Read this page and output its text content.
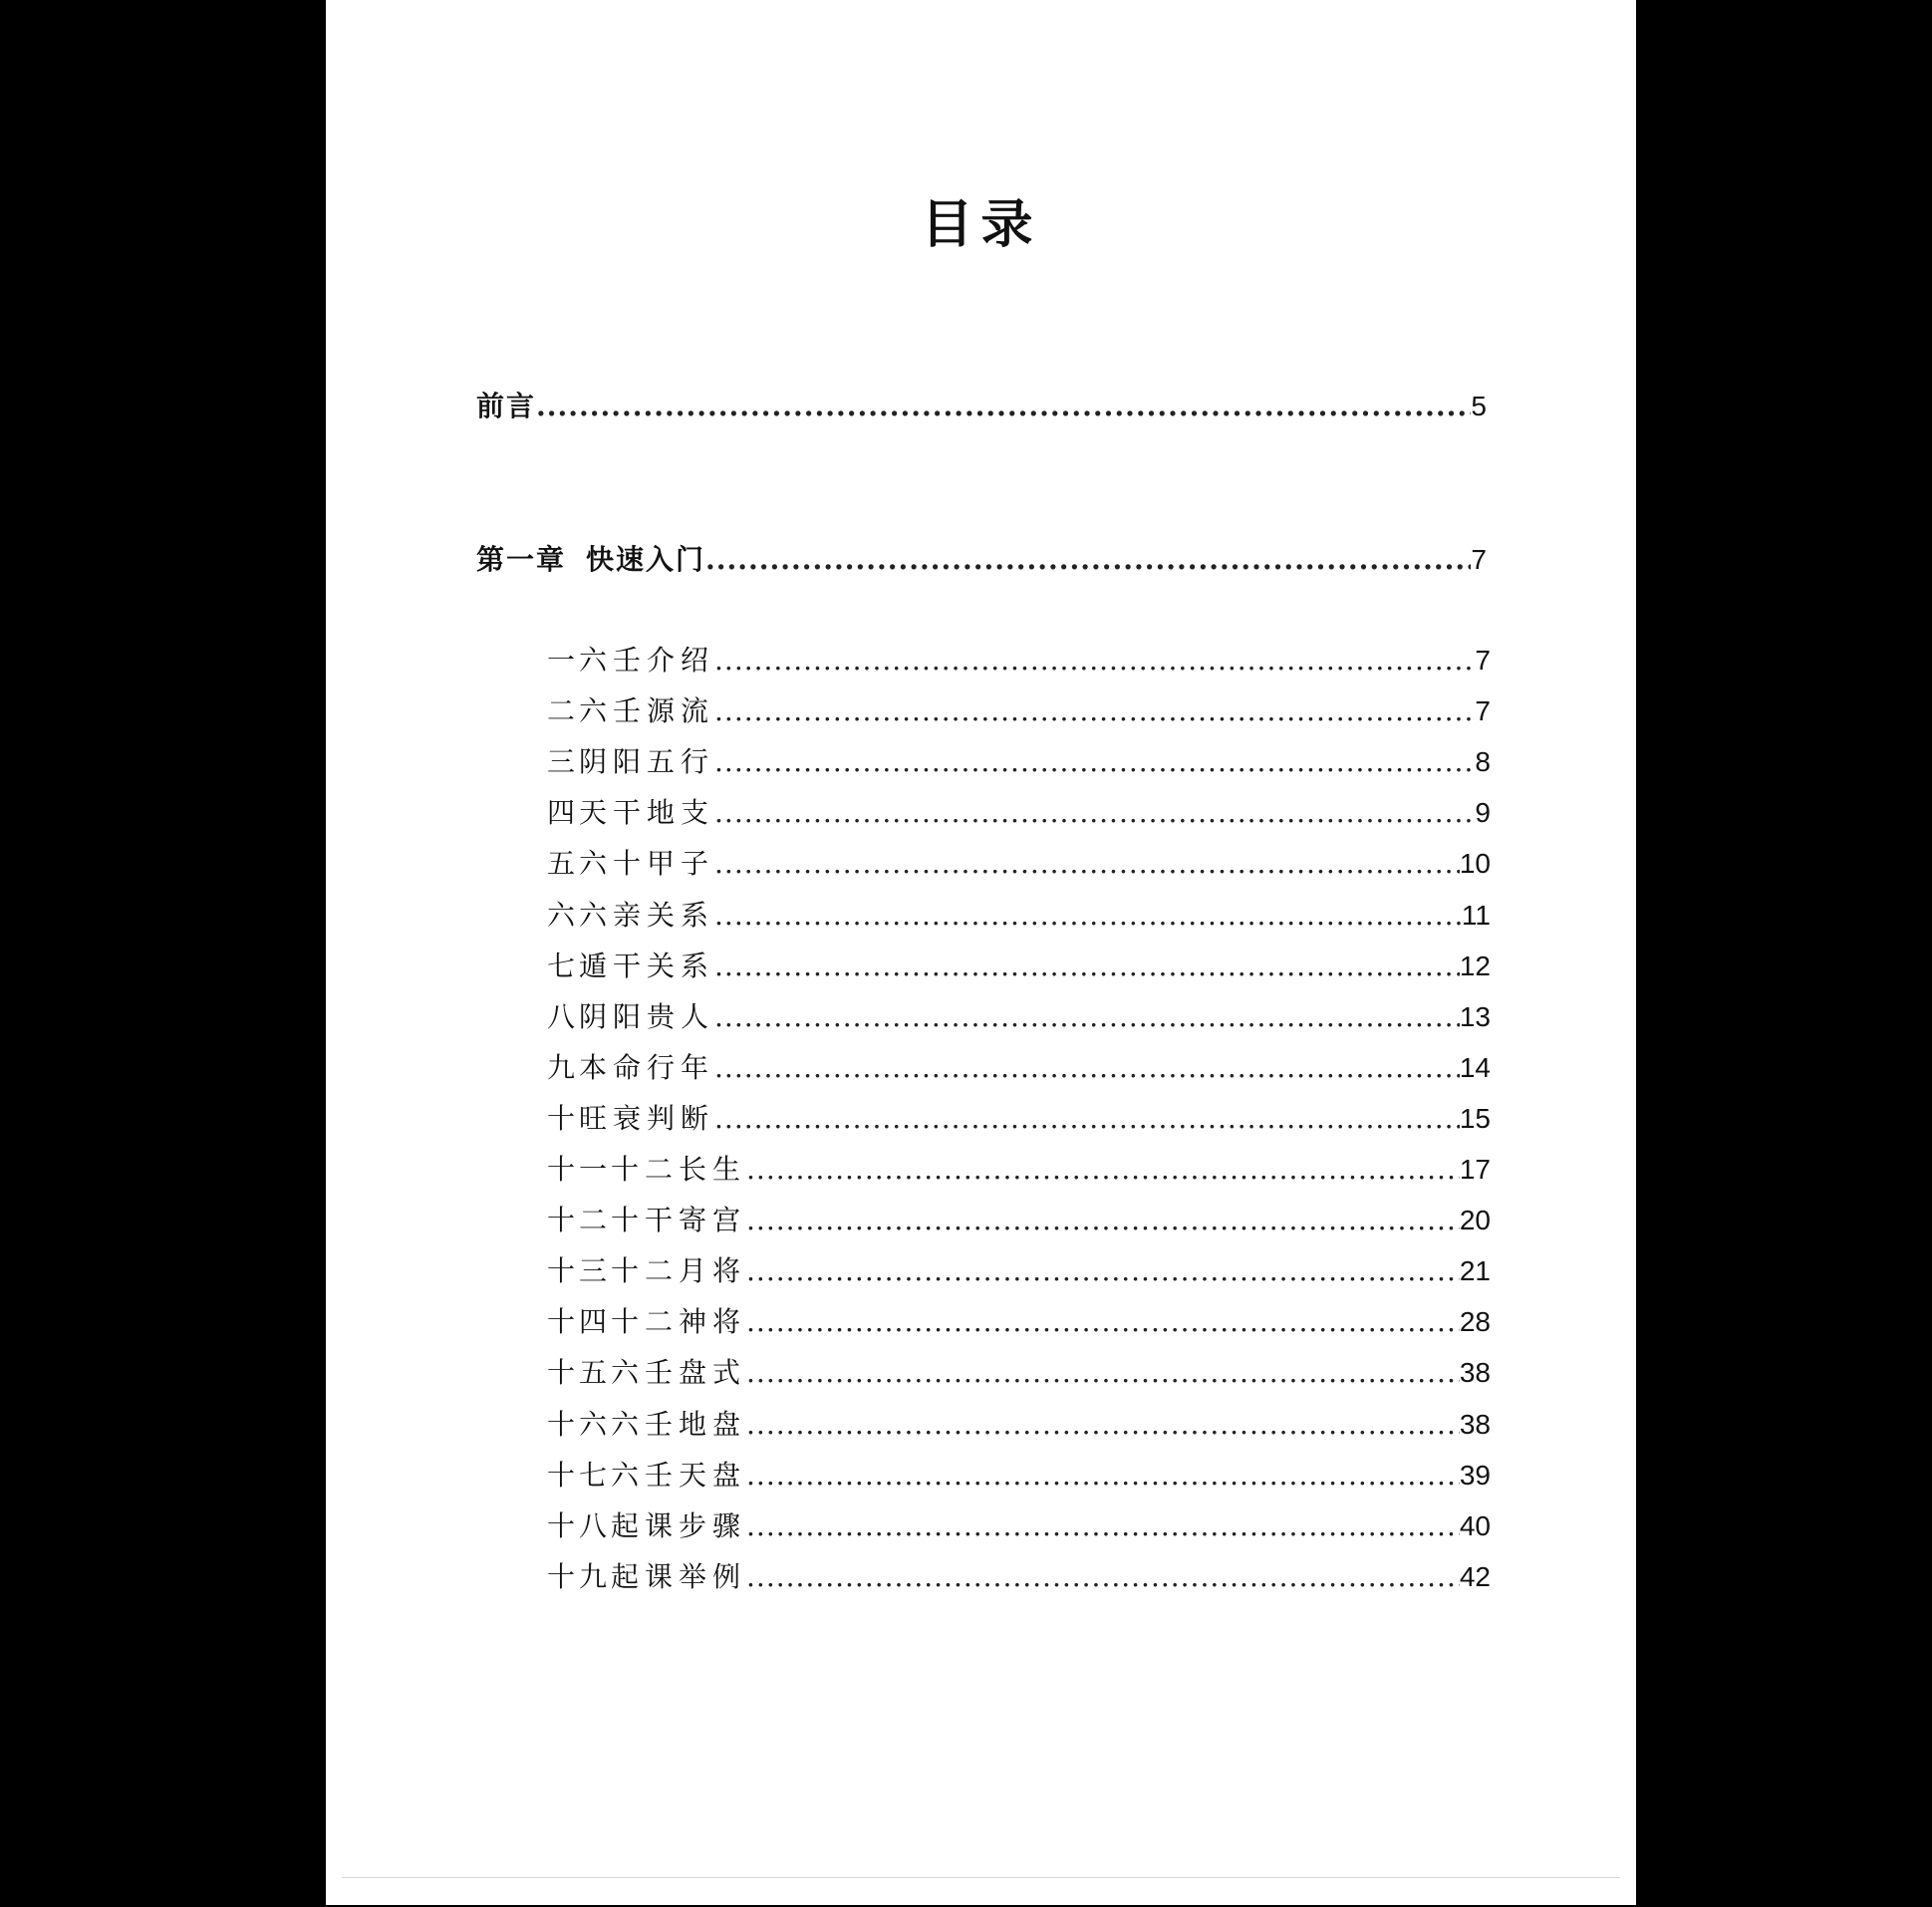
目录
前言 .....	5
第一章 快速入门 .....	7
一 六壬介绍 .....	7
二 六壬源流 .....	7
三 阴阳五行 .....	8
四 天干地支 .....	9
五 六十甲子 .....	10
六 六亲关系 .....	11
七 遁干关系 .....	12
八 阴阳贵人 .....	13
九 本命行年 .....	14
十 旺衰判断 .....	15
十一 十二长生 .....	17
十二 十干寄宫 .....	20
十三 十二月将 .....	21
十四 十二神将 .....	28
十五 六壬盘式 .....	38
十六 六壬地盘 .....	38
十七 六壬天盘 .....	39
十八 起课步骤 .....	40
十九 起课举例 .....	42
